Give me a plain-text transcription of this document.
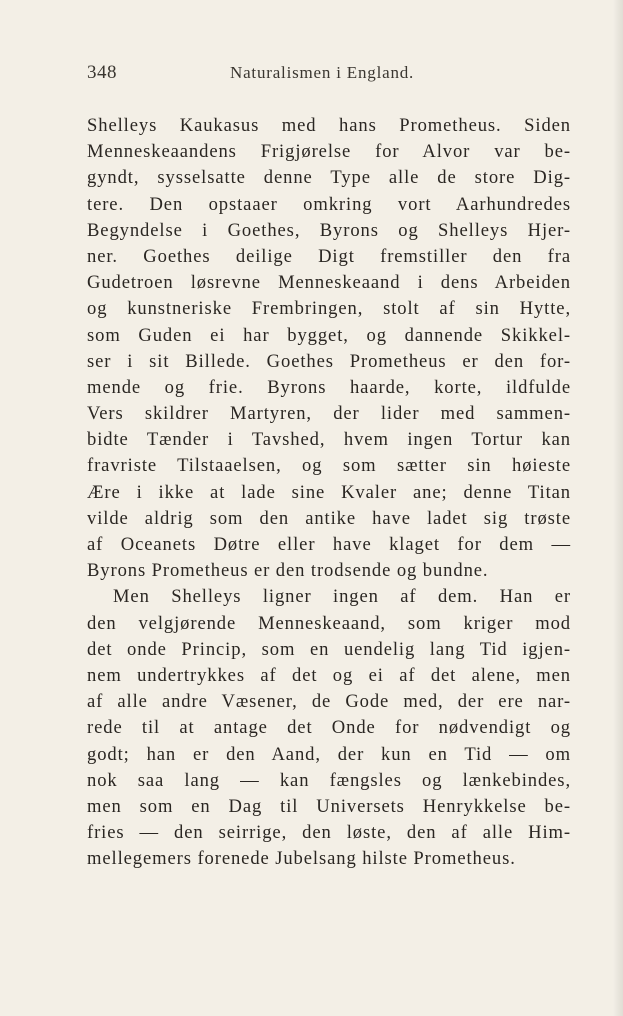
348	Naturalismen i England.
Shelleys Kaukasus med hans Prometheus. Siden
Menneskeaandens Frigjørelse for Alvor var be-
gyndt, sysselsatte denne Type alle de store Dig-
tere. Den opstaaer omkring vort Aarhundredes
Begyndelse i Goethes, Byrons og Shelleys Hjer-
ner. Goethes deilige Digt fremstiller den fra
Gudetroen løsrevne Menneskeaand i dens Arbeiden
og kunstneriske Frembringen, stolt af sin Hytte,
som Guden ei har bygget, og dannende Skikkel-
ser i sit Billede. Goethes Prometheus er den for-
mende og frie. Byrons haarde, korte, ildfulde
Vers skildrer Martyren, der lider med sammen-
bidte Tænder i Tavshed, hvem ingen Tortur kan
fravriste Tilstaaelsen, og som sætter sin høieste
Ære i ikke at lade sine Kvaler ane; denne Titan
vilde aldrig som den antike have ladet sig trøste
af Oceanets Døtre eller have klaget for dem —
Byrons Prometheus er den trodsende og bundne.
Men Shelleys ligner ingen af dem. Han er
den velgjørende Menneskeaand, som kriger mod
det onde Princip, som en uendelig lang Tid igjen-
nem undertrykkes af det og ei af det alene, men
af alle andre Væsener, de Gode med, der ere nar-
rede til at antage det Onde for nødvendigt og
godt; han er den Aand, der kun en Tid — om
nok saa lang — kan fængsles og lænkebindes,
men som en Dag til Universets Henrykkelse be-
fries — den seirrige, den løste, den af alle Him-
mellegemers forenede Jubelsang hilste Prometheus.
